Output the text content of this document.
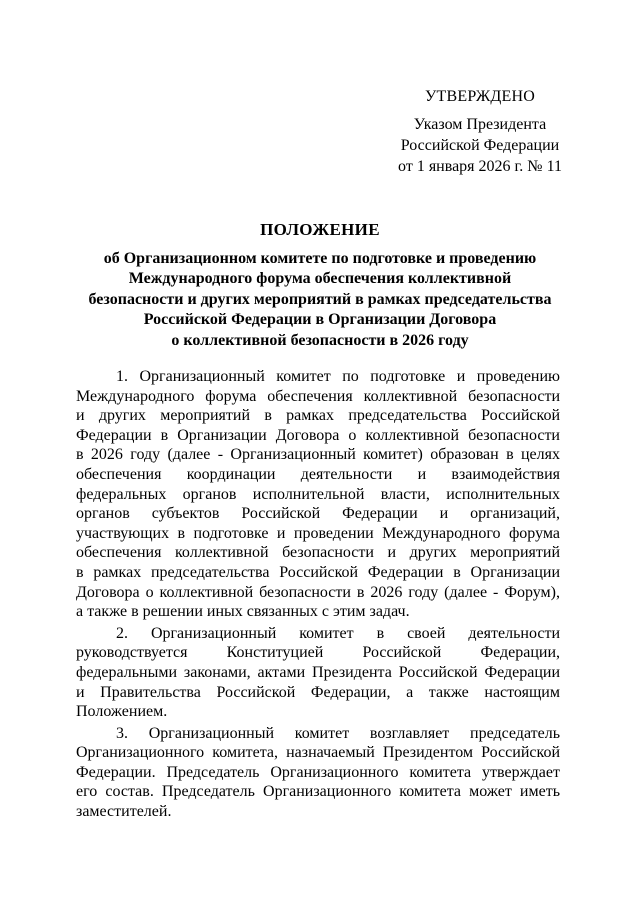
УТВЕРЖДЕНО
Указом Президента
Российской Федерации
от 1 января 2026 г. № 11
ПОЛОЖЕНИЕ
об Организационном комитете по подготовке и проведению
Международного форума обеспечения коллективной
безопасности и других мероприятий в рамках председательства
Российской Федерации в Организации Договора
о коллективной безопасности в 2026 году
1. Организационный комитет по подготовке и проведению
Международного форума обеспечения коллективной безопасности
и других мероприятий в рамках председательства Российской
Федерации в Организации Договора о коллективной безопасности
в 2026 году (далее - Организационный комитет) образован в целях
обеспечения координации деятельности и взаимодействия
федеральных органов исполнительной власти, исполнительных
органов субъектов Российской Федерации и организаций,
участвующих в подготовке и проведении Международного форума
обеспечения коллективной безопасности и других мероприятий
в рамках председательства Российской Федерации в Организации
Договора о коллективной безопасности в 2026 году (далее - Форум),
а также в решении иных связанных с этим задач.
2. Организационный комитет в своей деятельности
руководствуется Конституцией Российской Федерации,
федеральными законами, актами Президента Российской Федерации
и Правительства Российской Федерации, а также настоящим
Положением.
3. Организационный комитет возглавляет председатель
Организационного комитета, назначаемый Президентом Российской
Федерации. Председатель Организационного комитета утверждает
его состав. Председатель Организационного комитета может иметь
заместителей.
